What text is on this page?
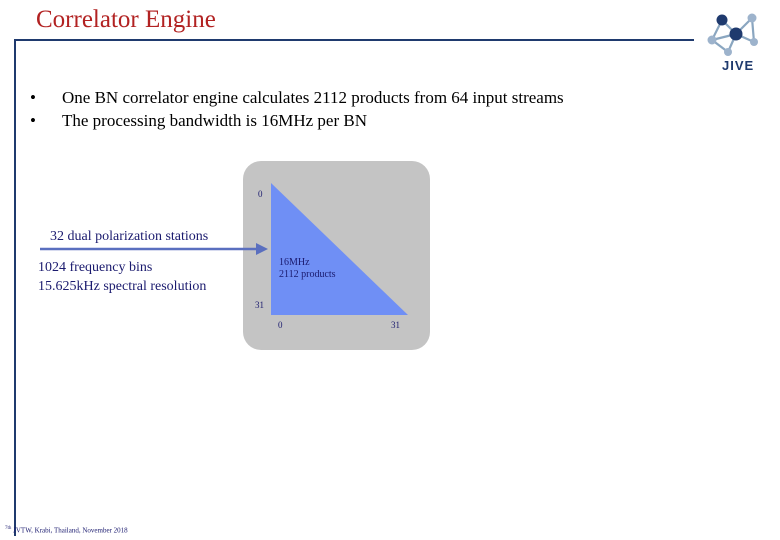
Correlator Engine
JIVE
• One BN correlator engine calculates 2112 products from 64 input streams
• The processing bandwidth is 16MHz per BN
0
31
0	31
32 dual polarization stations
1024 frequency bins
15.625kHz spectral resolution
16MHz
2112 products
$^{7th}$ JVTW, Krabi, Thailand, November 2018
